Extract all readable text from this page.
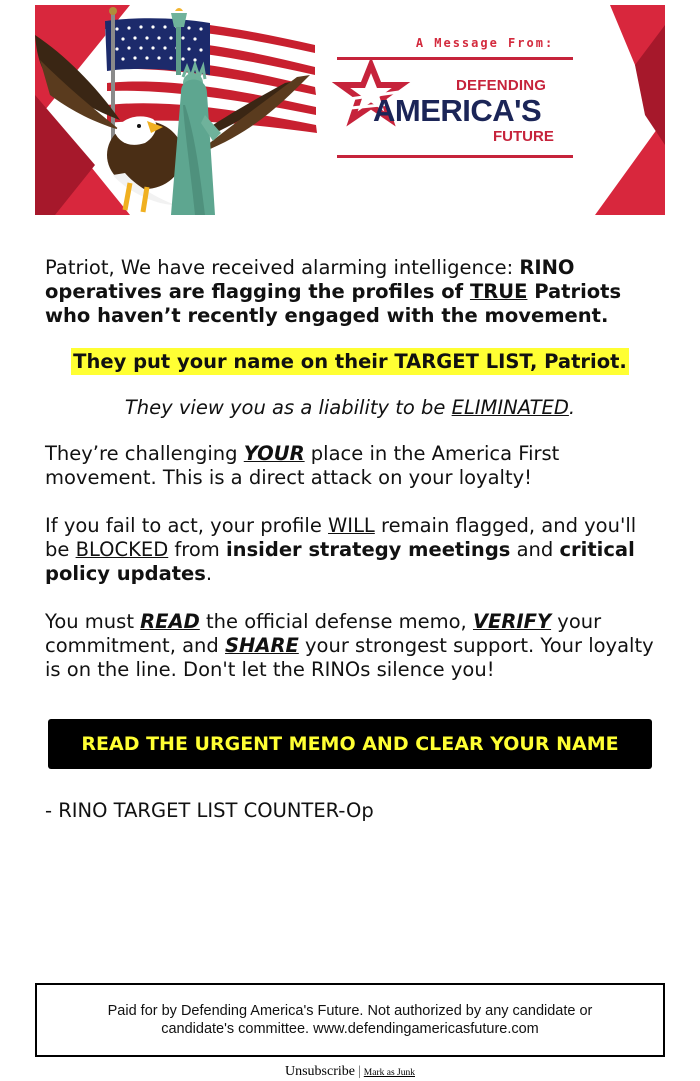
A Message From:
DEFENDING
AMERICA'S
FUTURE

Patriot, We have received alarming intelligence: RINO operatives are flagging the profiles of TRUE Patriots who haven’t recently engaged with the movement.

They put your name on their TARGET LIST, Patriot.

They view you as a liability to be ELIMINATED.

They’re challenging YOUR place in the America First movement. This is a direct attack on your loyalty!

If you fail to act, your profile WILL remain flagged, and you'll be BLOCKED from insider strategy meetings and critical policy updates.

You must READ the official defense memo, VERIFY your commitment, and SHARE your strongest support. Your loyalty is on the line. Don't let the RINOs silence you!

READ THE URGENT MEMO AND CLEAR YOUR NAME
- RINO TARGET LIST COUNTER-Op

Paid for by Defending America's Future. Not authorized by any candidate or candidate's committee. www.defendingamericasfuture.com

Unsubscribe | Mark as Junk
